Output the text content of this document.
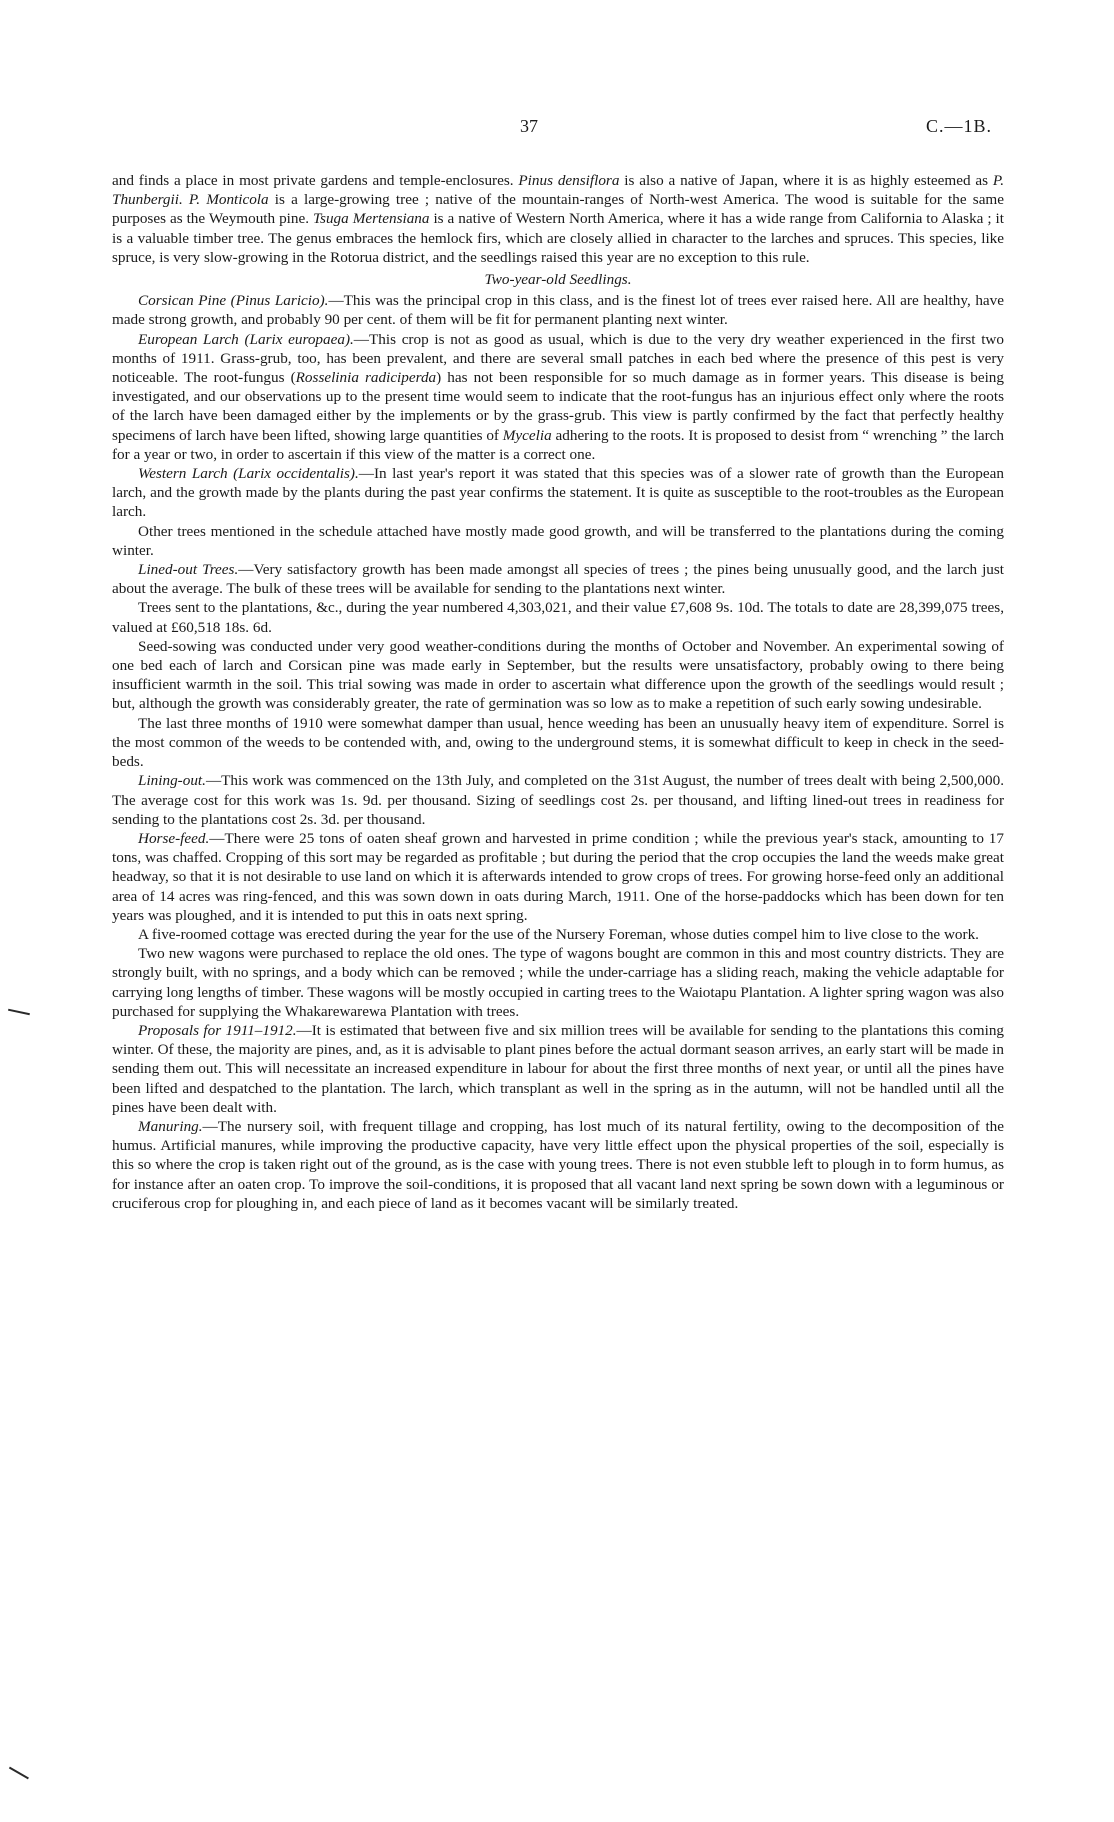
37	C.—1B.

and finds a place in most private gardens and temple-enclosures. Pinus densiflora is also a native of Japan, where it is as highly esteemed as P. Thunbergii. P. Monticola is a large-growing tree ; native of the mountain-ranges of North-west America. The wood is suitable for the same purposes as the Weymouth pine. Tsuga Mertensiana is a native of Western North America, where it has a wide range from California to Alaska ; it is a valuable timber tree. The genus embraces the hemlock firs, which are closely allied in character to the larches and spruces. This species, like spruce, is very slow-growing in the Rotorua district, and the seedlings raised this year are no exception to this rule.

Two-year-old Seedlings.

Corsican Pine (Pinus Laricio).—This was the principal crop in this class, and is the finest lot of trees ever raised here. All are healthy, have made strong growth, and probably 90 per cent. of them will be fit for permanent planting next winter.

European Larch (Larix europaea).—This crop is not as good as usual, which is due to the very dry weather experienced in the first two months of 1911. Grass-grub, too, has been prevalent, and there are several small patches in each bed where the presence of this pest is very noticeable. The root-fungus (Rosselinia radiciperda) has not been responsible for so much damage as in former years. This disease is being investigated, and our observations up to the present time would seem to indicate that the root-fungus has an injurious effect only where the roots of the larch have been damaged either by the implements or by the grass-grub. This view is partly confirmed by the fact that perfectly healthy specimens of larch have been lifted, showing large quantities of Mycelia adhering to the roots. It is proposed to desist from “ wrenching ” the larch for a year or two, in order to ascertain if this view of the matter is a correct one.

Western Larch (Larix occidentalis).—In last year's report it was stated that this species was of a slower rate of growth than the European larch, and the growth made by the plants during the past year confirms the statement. It is quite as susceptible to the root-troubles as the European larch.

Other trees mentioned in the schedule attached have mostly made good growth, and will be transferred to the plantations during the coming winter.

Lined-out Trees.—Very satisfactory growth has been made amongst all species of trees ; the pines being unusually good, and the larch just about the average. The bulk of these trees will be available for sending to the plantations next winter.

Trees sent to the plantations, &c., during the year numbered 4,303,021, and their value £7,608 9s. 10d. The totals to date are 28,399,075 trees, valued at £60,518 18s. 6d.

Seed-sowing was conducted under very good weather-conditions during the months of October and November. An experimental sowing of one bed each of larch and Corsican pine was made early in September, but the results were unsatisfactory, probably owing to there being insufficient warmth in the soil. This trial sowing was made in order to ascertain what difference upon the growth of the seedlings would result ; but, although the growth was considerably greater, the rate of germination was so low as to make a repetition of such early sowing undesirable.

The last three months of 1910 were somewhat damper than usual, hence weeding has been an unusually heavy item of expenditure. Sorrel is the most common of the weeds to be contended with, and, owing to the underground stems, it is somewhat difficult to keep in check in the seed-beds.

Lining-out.—This work was commenced on the 13th July, and completed on the 31st August, the number of trees dealt with being 2,500,000. The average cost for this work was 1s. 9d. per thousand. Sizing of seedlings cost 2s. per thousand, and lifting lined-out trees in readiness for sending to the plantations cost 2s. 3d. per thousand.

Horse-feed.—There were 25 tons of oaten sheaf grown and harvested in prime condition ; while the previous year's stack, amounting to 17 tons, was chaffed. Cropping of this sort may be regarded as profitable ; but during the period that the crop occupies the land the weeds make great headway, so that it is not desirable to use land on which it is afterwards intended to grow crops of trees. For growing horse-feed only an additional area of 14 acres was ring-fenced, and this was sown down in oats during March, 1911. One of the horse-paddocks which has been down for ten years was ploughed, and it is intended to put this in oats next spring.

A five-roomed cottage was erected during the year for the use of the Nursery Foreman, whose duties compel him to live close to the work.

Two new wagons were purchased to replace the old ones. The type of wagons bought are common in this and most country districts. They are strongly built, with no springs, and a body which can be removed ; while the under-carriage has a sliding reach, making the vehicle adaptable for carrying long lengths of timber. These wagons will be mostly occupied in carting trees to the Waiotapu Plantation. A lighter spring wagon was also purchased for supplying the Whakarewarewa Plantation with trees.

Proposals for 1911–1912.—It is estimated that between five and six million trees will be available for sending to the plantations this coming winter. Of these, the majority are pines, and, as it is advisable to plant pines before the actual dormant season arrives, an early start will be made in sending them out. This will necessitate an increased expenditure in labour for about the first three months of next year, or until all the pines have been lifted and despatched to the plantation. The larch, which transplant as well in the spring as in the autumn, will not be handled until all the pines have been dealt with.

Manuring.—The nursery soil, with frequent tillage and cropping, has lost much of its natural fertility, owing to the decomposition of the humus. Artificial manures, while improving the productive capacity, have very little effect upon the physical properties of the soil, especially is this so where the crop is taken right out of the ground, as is the case with young trees. There is not even stubble left to plough in to form humus, as for instance after an oaten crop. To improve the soil-conditions, it is proposed that all vacant land next spring be sown down with a leguminous or cruciferous crop for ploughing in, and each piece of land as it becomes vacant will be similarly treated.
